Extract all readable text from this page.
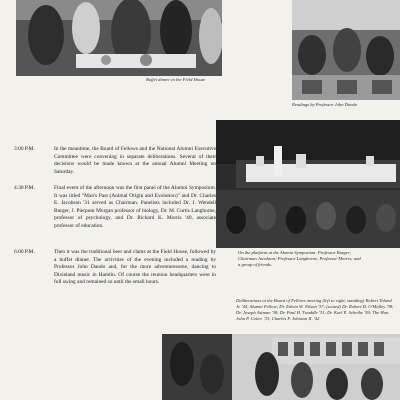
Buffet dinner in the Field House
Readings by Professor John Dando
On the platform at the Alumni Symposium: Professor Burger; Chairman Jacobson; Professor Langhorne; Professor Morris; and a group of friends.
3:00 P.M.	In the meantime, the Board of Fellows and the National Alumni Executive Committee were convening in separate deliberations. Several of their decisions would be made known at the annual Alumni Meeting on Saturday.
4:30 P.M.	Final event of the afternoon was the first panel of the Alumni Symposium. It was titled "Man's Past (Animal Origin and Evolution)" and Dr. Charles E. Jacobson '31 served as Chairman. Panelists included Dr. J. Wendell Burger, J. Pierpont Morgan professor of biology, Dr. M. Curtis Langhorne, professor of psychology, and Dr. Richard K. Morris '40, associate professor of education.
6:00 P.M.	Then it was the traditional beer and clams at the Field House, followed by a buffet dinner. The activities of the evening included a reading by Professor John Dando and, for the more adventuresome, dancing to Dixieland music in Hamlin. Of course the reunion headquarters were in full swing and remained so until the small hours.
Deliberations at the Board of Fellows meeting (left to right, standing) Robert Toland Jr. '44, Alumni Fellow; Dr. Edwin W. Nilson '37; (seated) Dr. Robert D. O'Malley '38; Dr. Joseph Astman '38; Dr. Paul H. Twaddle '31; Dr. Karl E. Scheibe '59; The Hon. John P. Cotter '33; Charles F. Johnson II, '42.
